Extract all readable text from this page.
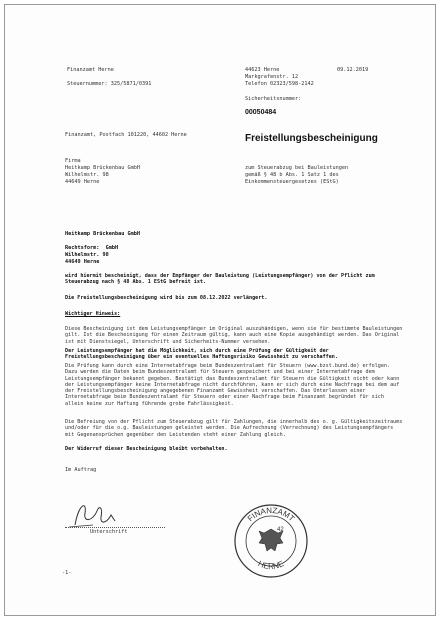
Finanzamt Herne
Steuernummer: 325/5871/0391
44623 Herne	09.12.2019
Markgrafenstr. 12
Telefon 02323/598-2142
Sicherheitsnummer:
00050484
Freistellungsbescheinigung
Finanzamt, Postfach 101220, 44602 Herne
Firma
Heitkamp Brückenbau GmbH
Wilhelmstr. 98
44649 Herne
zum Steuerabzug bei Bauleistungen
gemäß § 48 b Abs. 1 Satz 1 des
Einkommensteuergesetzes (EStG)
Heitkamp Brückenbau GmbH
Rechtsform:  GmbH
Wilhelmstr. 98
44649 Herne
wird hiermit bescheinigt, dass der Empfänger der Bauleistung (Leistungsempfänger) von der Pflicht zum Steuerabzug nach § 48 Abs. 1 EStG befreit ist.
Die Freistellungsbescheinigung wird bis zum 08.12.2022 verlängert.
Wichtiger Hinweis:
Diese Bescheinigung ist dem Leistungsempfänger im Original auszuhändigen, wenn sie für bestimmte Bauleistungen gilt. Ist die Bescheinigung für einen Zeitraum gültig, kann auch eine Kopie ausgehändigt werden. Das Original ist mit Dienstsiegel, Unterschrift und Sicherheits-Nummer versehen.
Der Leistungsempfänger hat die Möglichkeit, sich durch eine Prüfung der Gültigkeit der Freistellungsbescheinigung über ein eventuelles Haftungsrisiko Gewissheit zu verschaffen.
Die Prüfung kann durch eine Internetabfrage beim Bundeszentralamt für Steuern (www.bzst.bund.de) erfolgen. Dazu werden die Daten beim Bundeszentralamt für Steuern gespeichert und bei einer Internetabfrage dem Leistungsempfänger bekannt gegeben. Bestätigt das Bundeszentralamt für Steuern die Gültigkeit nicht oder kann der Leistungsempfänger keine Internetabfrage nicht durchführen, kann er sich durch eine Nachfrage bei dem auf der Freistellungsbescheinigung angegebenen Finanzamt Gewissheit verschaffen. Das Unterlassen einer Internetabfrage beim Bundeszentralamt für Steuern oder einer Nachfrage beim Finanzamt begründet für sich allein keine zur Haftung führende grobe Fahrlässigkeit.
Die Befreiung von der Pflicht zum Steuerabzug gilt für Zahlungen, die innerhalb des o. g. Gültigkeitszeitraums und/oder für die o.g. Bauleistungen geleistet werden. Die Aufrechnung (Verrechnung) des Leistungsempfängers mit Gegenansprüchen gegenüber den Leistenden steht einer Zahlung gleich.
Der Widerruf dieser Bescheinigung bleibt vorbehalten.
Im Auftrag
Unterschrift
FINANZAMT
HERNE
42
-1-
